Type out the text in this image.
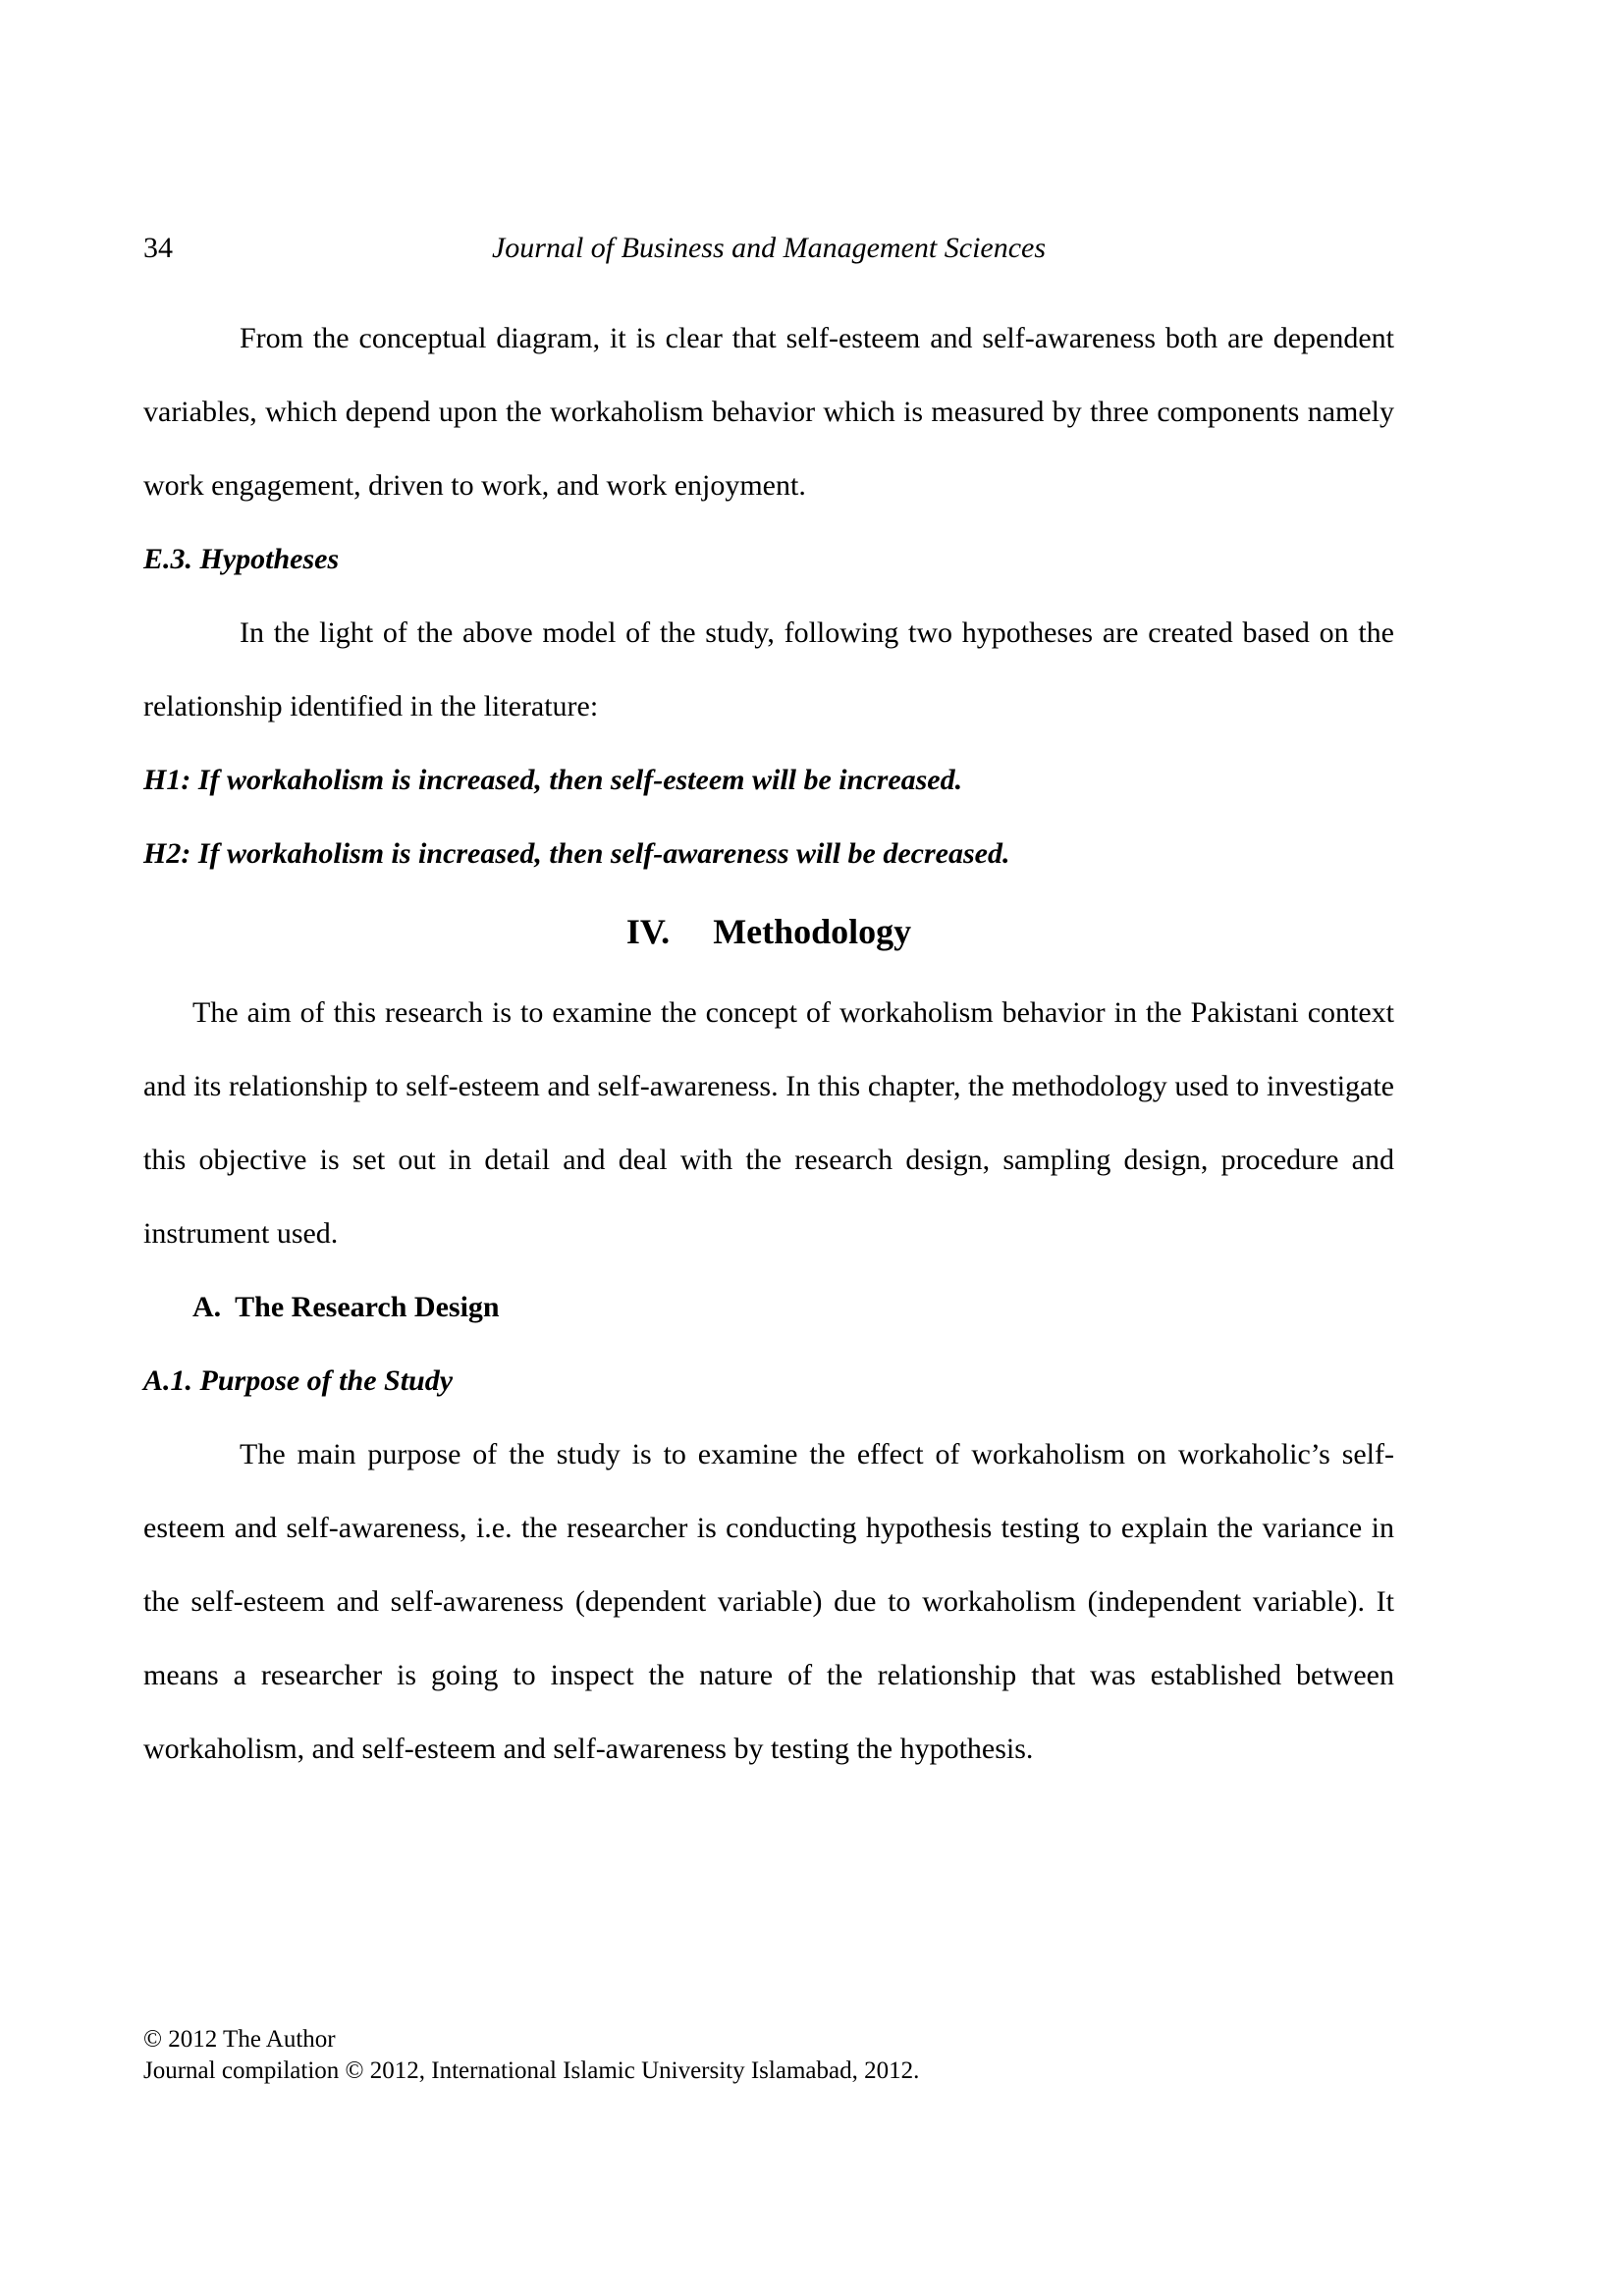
34	Journal of Business and Management Sciences

From the conceptual diagram, it is clear that self-esteem and self-awareness both are dependent variables, which depend upon the workaholism behavior which is measured by three components namely work engagement, driven to work, and work enjoyment.

E.3. Hypotheses

In the light of the above model of the study, following two hypotheses are created based on the relationship identified in the literature:

H1: If workaholism is increased, then self-esteem will be increased.

H2: If workaholism is increased, then self-awareness will be decreased.

IV. Methodology

The aim of this research is to examine the concept of workaholism behavior in the Pakistani context and its relationship to self-esteem and self-awareness. In this chapter, the methodology used to investigate this objective is set out in detail and deal with the research design, sampling design, procedure and instrument used.

A. The Research Design

A.1. Purpose of the Study

The main purpose of the study is to examine the effect of workaholism on workaholic’s self-esteem and self-awareness, i.e. the researcher is conducting hypothesis testing to explain the variance in the self-esteem and self-awareness (dependent variable) due to workaholism (independent variable). It means a researcher is going to inspect the nature of the relationship that was established between workaholism, and self-esteem and self-awareness by testing the hypothesis.

© 2012 The Author
Journal compilation © 2012, International Islamic University Islamabad, 2012.
